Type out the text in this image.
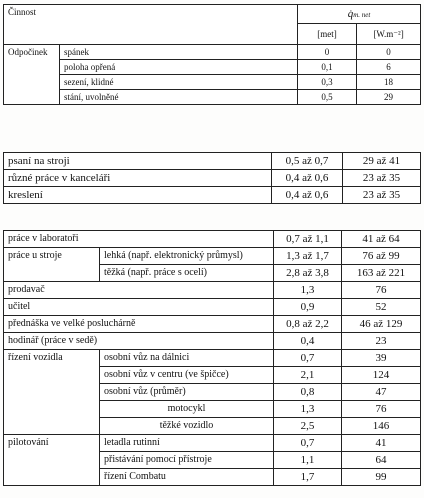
Činnost		q̇m. net	
		[met]	[W.m⁻²]
Odpočinek	spánek	0	0
	poloha opřená	0,1	6
	sezení, klidné	0,3	18
	stání, uvolněné	0,5	29
psaní na stroji	0,5 až 0,7	29 až 41
různé práce v kanceláři	0,4 až 0,6	23 až 35
kreslení	0,4 až 0,6	23 až 35
práce v laboratoři		0,7 až 1,1	41 až 64
práce u stroje	lehká (např. elektronický průmysl)	1,3 až 1,7	76 až 99
	těžká (např. práce s ocelí)	2,8 až 3,8	163 až 221
prodavač		1,3	76
učitel		0,9	52
přednáška ve velké posluchárně		0,8 až 2,2	46 až 129
hodinář (práce v sedě)		0,4	23
řízení vozidla	osobní vůz na dálnici	0,7	39
	osobní vůz v centru (ve špičce)	2,1	124
	osobní vůz (průměr)	0,8	47
	motocykl	1,3	76
	těžké vozidlo	2,5	146
pilotování	letadla rutinní	0,7	41
	přistávání pomocí přístroje	1,1	64
	řízení Combatu	1,7	99
